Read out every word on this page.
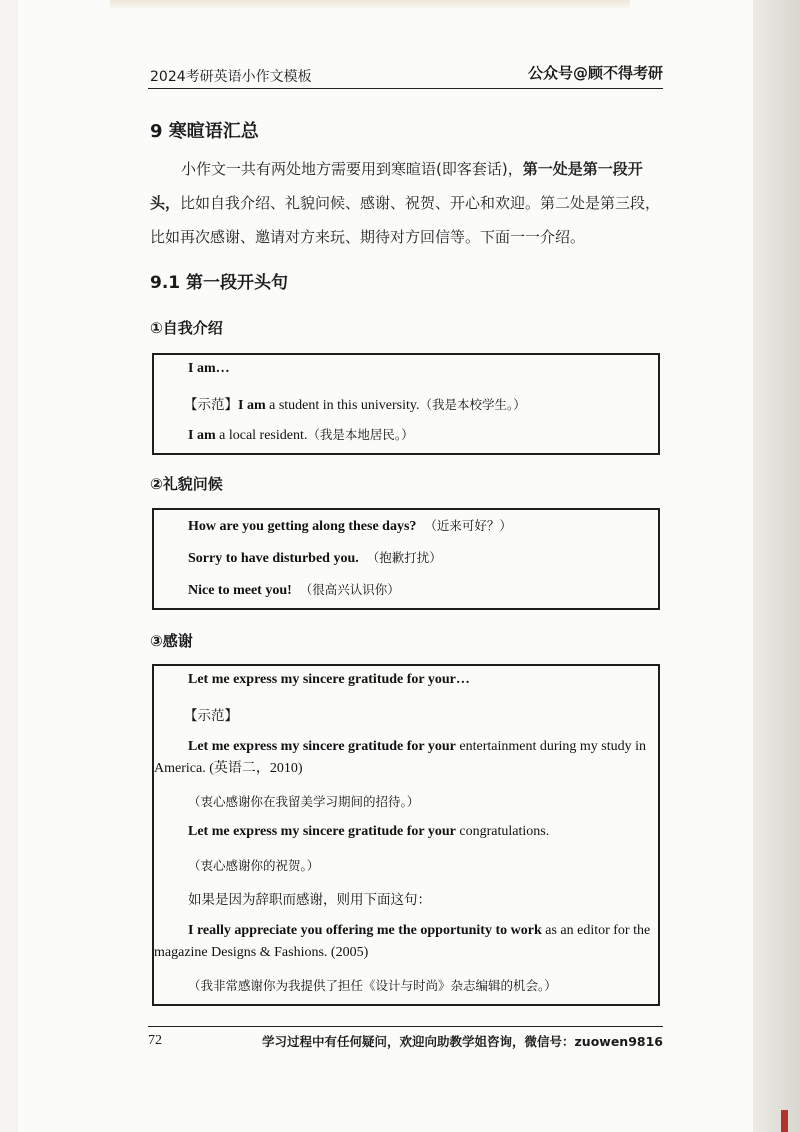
2024考研英语小作文模板	公众号@顾不得考研
9 寒暄语汇总
小作文一共有两处地方需要用到寒暄语(即客套话)，第一处是第一段开头，比如自我介绍、礼貌问候、感谢、祝贺、开心和欢迎。第二处是第三段，比如再次感谢、邀请对方来玩、期待对方回信等。下面一一介绍。
9.1 第一段开头句
①自我介绍
I am…
【示范】I am a student in this university.（我是本校学生。）
I am a local resident.（我是本地居民。）
②礼貌问候
How are you getting along these days? （近来可好？）
Sorry to have disturbed you. （抱歉打扰）
Nice to meet you! （很高兴认识你）
③感谢
Let me express my sincere gratitude for your…
【示范】
Let me express my sincere gratitude for your entertainment during my study in America. (英语二，2010)
（衷心感谢你在我留美学习期间的招待。）
Let me express my sincere gratitude for your congratulations.
（衷心感谢你的祝贺。）
如果是因为辞职而感谢，则用下面这句：
I really appreciate you offering me the opportunity to work as an editor for the magazine Designs & Fashions. (2005)
（我非常感谢你为我提供了担任《设计与时尚》杂志编辑的机会。）
72	学习过程中有任何疑问，欢迎向助教学姐咨询，微信号：zuowen9816
